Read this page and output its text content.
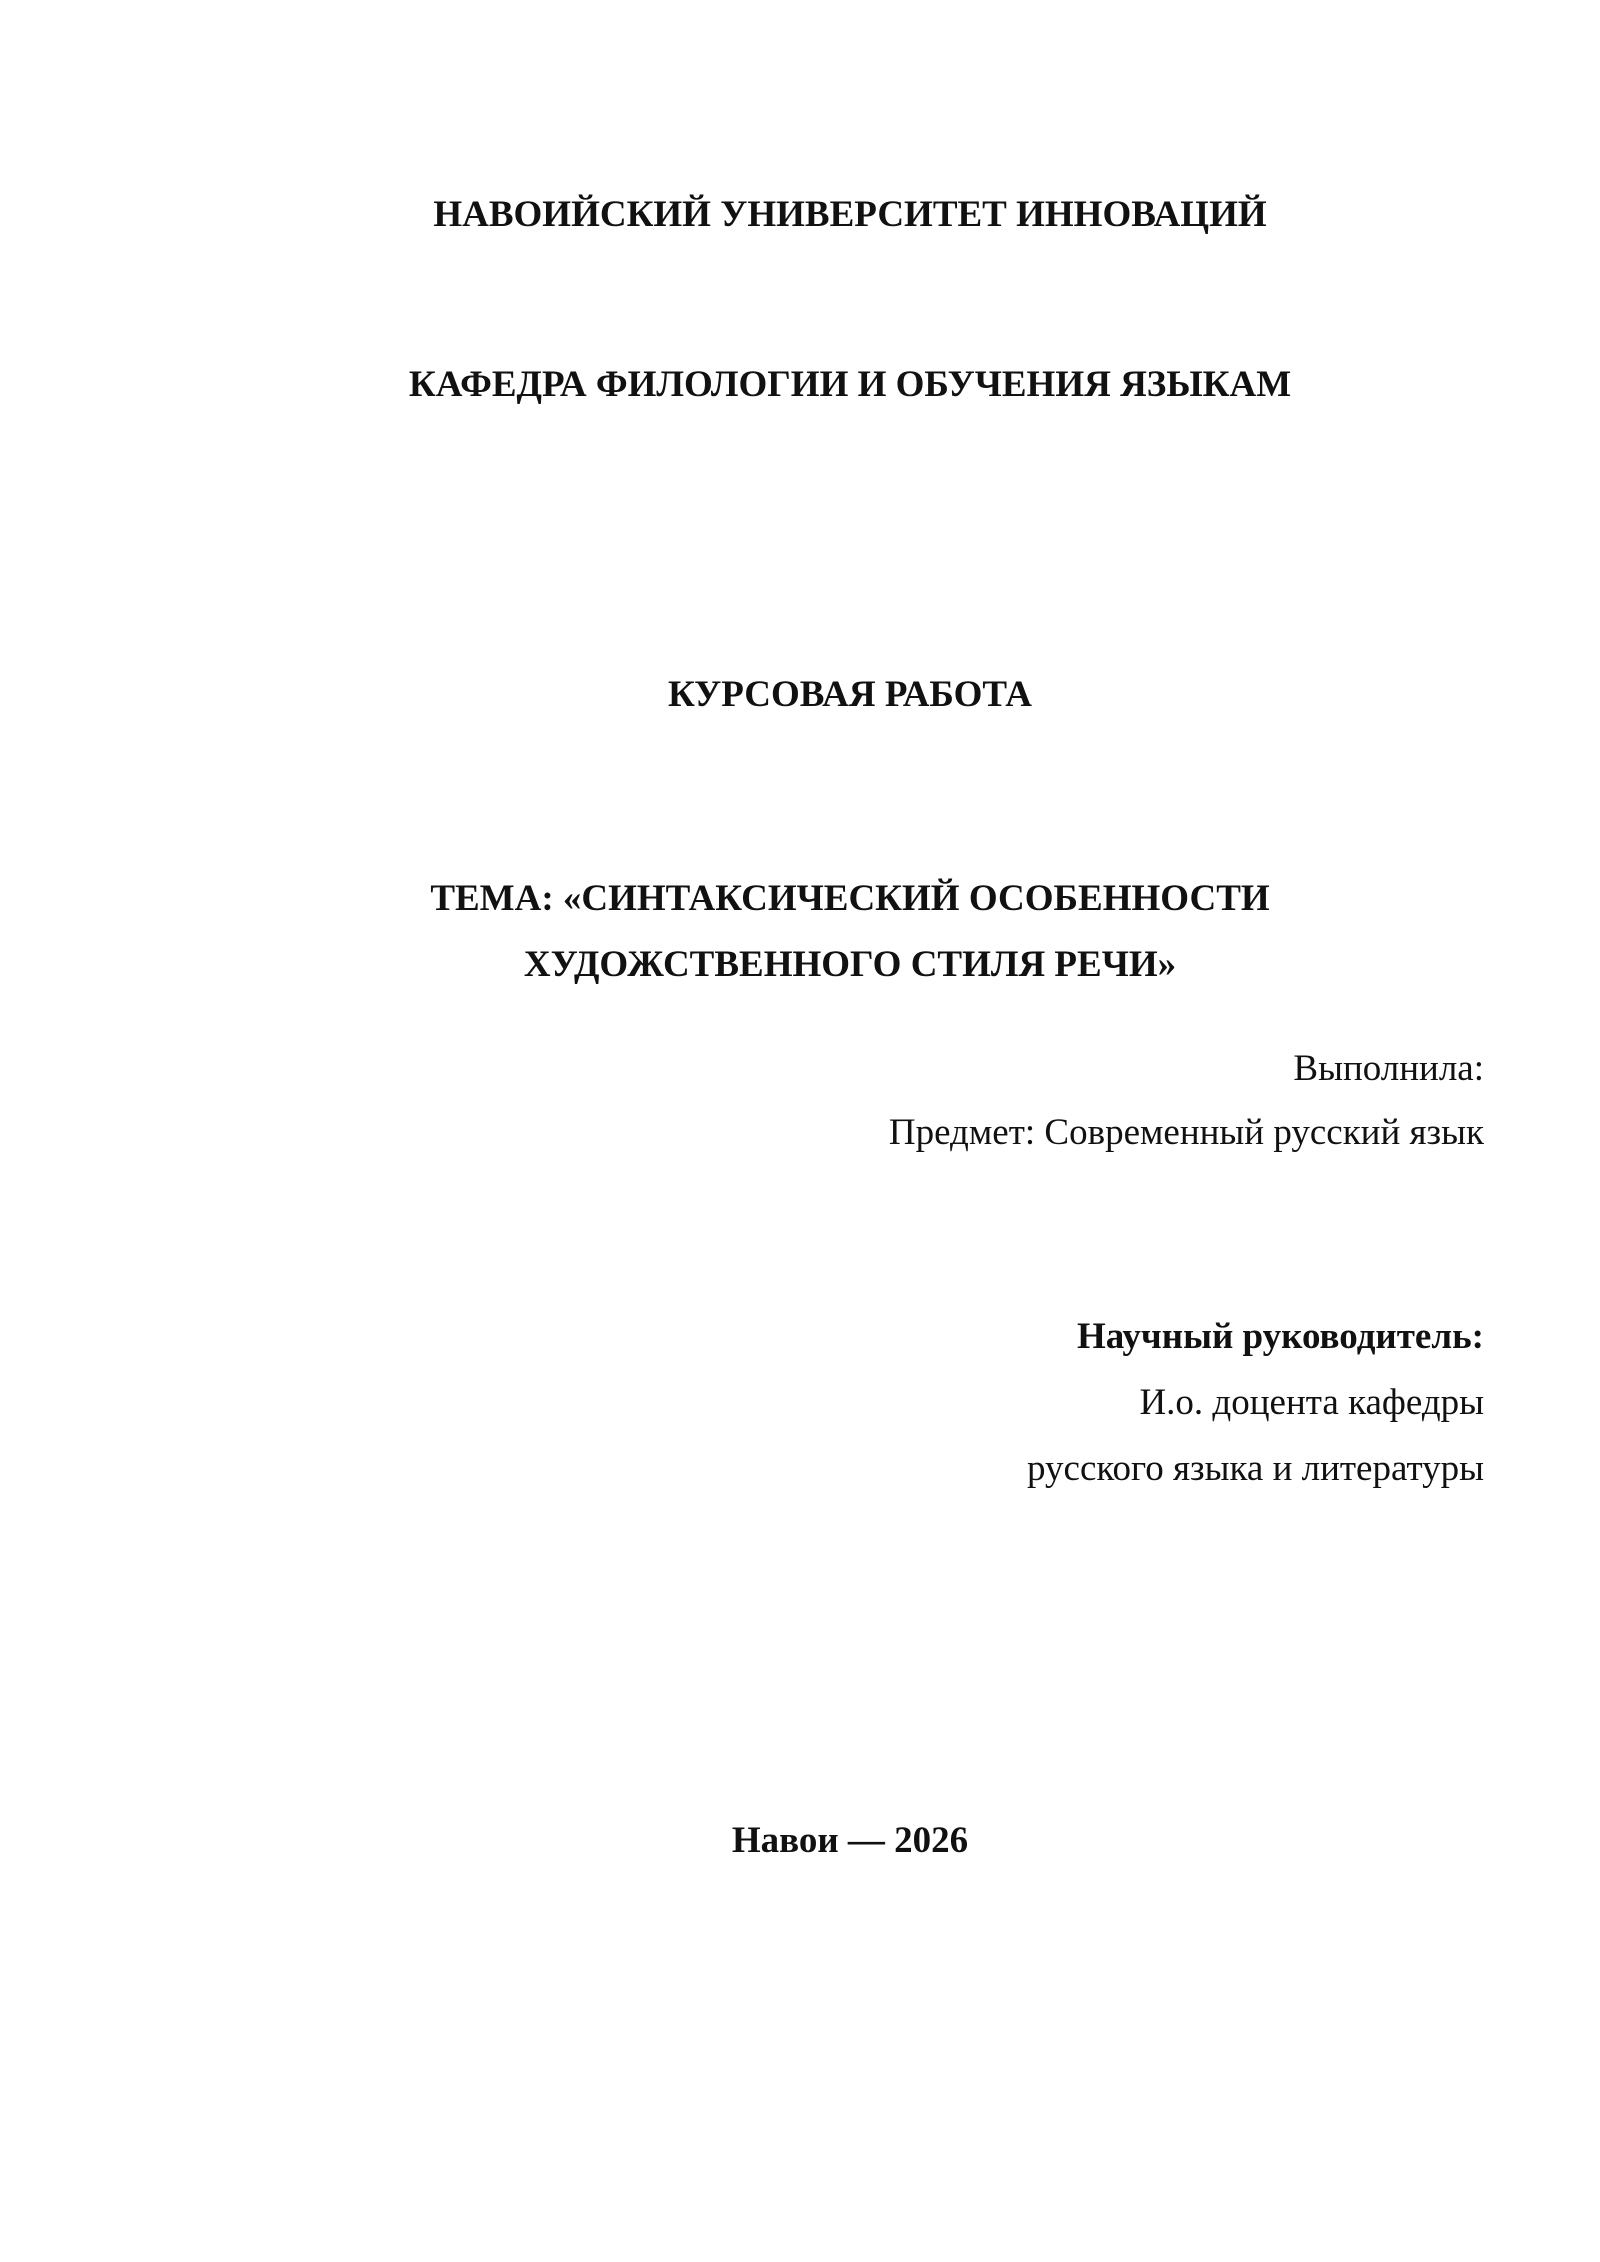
НАВОИЙСКИЙ УНИВЕРСИТЕТ ИННОВАЦИЙ
КАФЕДРА ФИЛОЛОГИИ И ОБУЧЕНИЯ ЯЗЫКАМ
КУРСОВАЯ РАБОТА
ТЕМА: «СИНТАКСИЧЕСКИЙ ОСОБЕННОСТИ
ХУДОЖСТВЕННОГО СТИЛЯ РЕЧИ»
Выполнила:
Предмет: Современный русский язык
Научный руководитель:
И.о. доцента кафедры
русского языка и литературы
Навои — 2026
